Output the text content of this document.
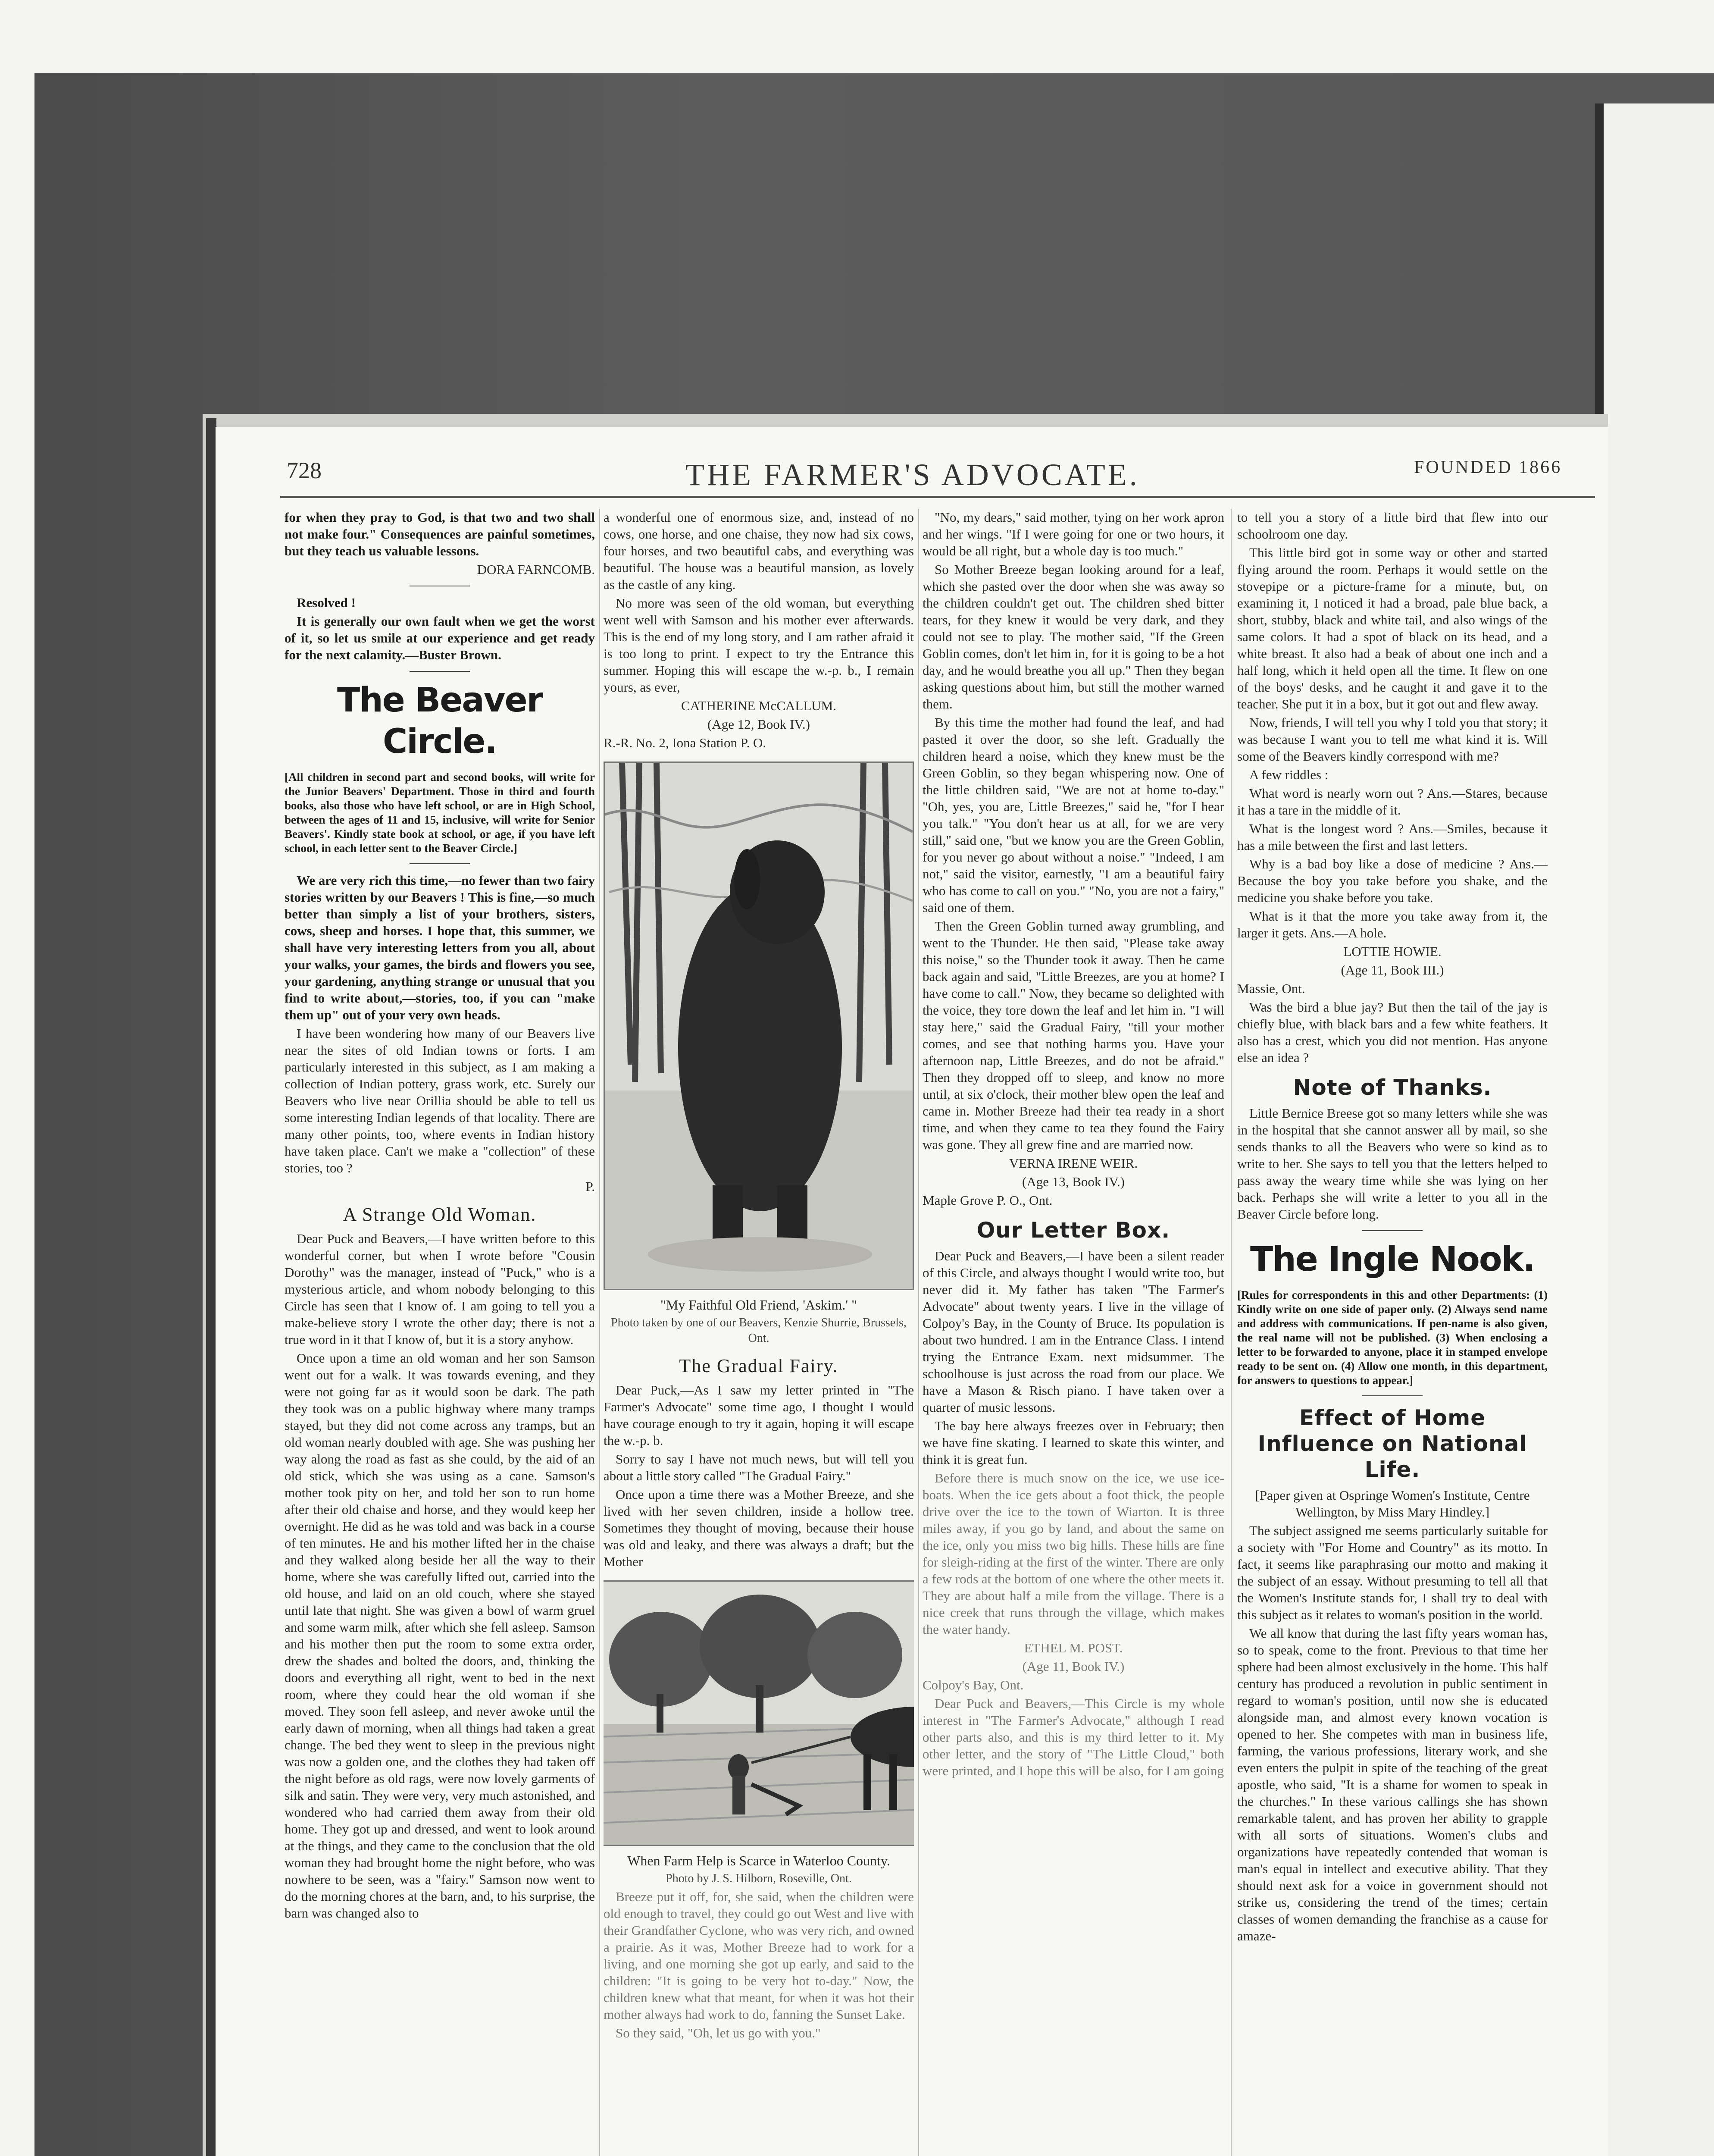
728	THE FARMER'S ADVOCATE.	FOUNDED 1866

for when they pray to God, is that two and two shall not make four." Consequences are painful sometimes, but they teach us valuable lessons.

DORA FARNCOMB.

Resolved !

It is generally our own fault when we get the worst of it, so let us smile at our experience and get ready for the next calamity.—Buster Brown.

The Beaver Circle.

[All children in second part and second books, will write for the Junior Beavers' Department. Those in third and fourth books, also those who have left school, or are in High School, between the ages of 11 and 15, inclusive, will write for Senior Beavers'. Kindly state book at school, or age, if you have left school, in each letter sent to the Beaver Circle.]

We are very rich this time,—no fewer than two fairy stories written by our Beavers ! This is fine,—so much better than simply a list of your brothers, sisters, cows, sheep and horses. I hope that, this summer, we shall have very interesting letters from you all, about your walks, your games, the birds and flowers you see, your gardening, anything strange or unusual that you find to write about,—stories, too, if you can "make them up" out of your very own heads.

I have been wondering how many of our Beavers live near the sites of old Indian towns or forts. I am particularly interested in this subject, as I am making a collection of Indian pottery, grass work, etc. Surely our Beavers who live near Orillia should be able to tell us some interesting Indian legends of that locality. There are many other points, too, where events in Indian history have taken place. Can't we make a "collection" of these stories, too ?

P.

A Strange Old Woman.

Dear Puck and Beavers,—I have written before to this wonderful corner, but when I wrote before "Cousin Dorothy" was the manager, instead of "Puck," who is a mysterious article, and whom nobody belonging to this Circle has seen that I know of. I am going to tell you a make-believe story I wrote the other day; there is not a true word in it that I know of, but it is a story anyhow.

Once upon a time an old woman and her son Samson went out for a walk. It was towards evening, and they were not going far as it would soon be dark. The path they took was on a public highway where many tramps stayed, but they did not come across any tramps, but an old woman nearly doubled with age. She was pushing her way along the road as fast as she could, by the aid of an old stick, which she was using as a cane. Samson's mother took pity on her, and told her son to run home after their old chaise and horse, and they would keep her overnight. He did as he was told and was back in a course of ten minutes. He and his mother lifted her in the chaise and they walked along beside her all the way to their home, where she was carefully lifted out, carried into the old house, and laid on an old couch, where she stayed until late that night. She was given a bowl of warm gruel and some warm milk, after which she fell asleep. Samson and his mother then put the room to some extra order, drew the shades and bolted the doors, and, thinking the doors and everything all right, went to bed in the next room, where they could hear the old woman if she moved. They soon fell asleep, and never awoke until the early dawn of morning, when all things had taken a great change. The bed they went to sleep in the previous night was now a golden one, and the clothes they had taken off the night before as old rags, were now lovely garments of silk and satin. They were very, very much astonished, and wondered who had carried them away from their old home. They got up and dressed, and went to look around at the things, and they came to the conclusion that the old woman they had brought home the night before, who was nowhere to be seen, was a "fairy." Samson now went to do the morning chores at the barn, and, to his surprise, the barn was changed also to

a wonderful one of enormous size, and, instead of no cows, one horse, and one chaise, they now had six cows, four horses, and two beautiful cabs, and everything was beautiful. The house was a beautiful mansion, as lovely as the castle of any king.

No more was seen of the old woman, but everything went well with Samson and his mother ever afterwards. This is the end of my long story, and I am rather afraid it is too long to print. I expect to try the Entrance this summer. Hoping this will escape the w.-p. b., I remain yours, as ever,

CATHERINE McCALLUM.

(Age 12, Book IV.)

R.-R. No. 2, Iona Station P. O.

"My Faithful Old Friend, 'Askim.' "

Photo taken by one of our Beavers, Kenzie Shurrie, Brussels, Ont.

The Gradual Fairy.

Dear Puck,—As I saw my letter printed in "The Farmer's Advocate" some time ago, I thought I would have courage enough to try it again, hoping it will escape the w.-p. b.

Sorry to say I have not much news, but will tell you about a little story called "The Gradual Fairy."

Once upon a time there was a Mother Breeze, and she lived with her seven children, inside a hollow tree. Sometimes they thought of moving, because their house was old and leaky, and there was always a draft; but the Mother

When Farm Help is Scarce in Waterloo County.

Photo by J. S. Hilborn, Roseville, Ont.

Breeze put it off, for, she said, when the children were old enough to travel, they could go out West and live with their Grandfather Cyclone, who was very rich, and owned a prairie. As it was, Mother Breeze had to work for a living, and one morning she got up early, and said to the children: "It is going to be very hot to-day." Now, the children knew what that meant, for when it was hot their mother always had work to do, fanning the Sunset Lake.

So they said, "Oh, let us go with you."

"No, my dears," said mother, tying on her work apron and her wings. "If I were going for one or two hours, it would be all right, but a whole day is too much."

So Mother Breeze began looking around for a leaf, which she pasted over the door when she was away so the children couldn't get out. The children shed bitter tears, for they knew it would be very dark, and they could not see to play. The mother said, "If the Green Goblin comes, don't let him in, for it is going to be a hot day, and he would breathe you all up." Then they began asking questions about him, but still the mother warned them.

By this time the mother had found the leaf, and had pasted it over the door, so she left. Gradually the children heard a noise, which they knew must be the Green Goblin, so they began whispering now. One of the little children said, "We are not at home to-day." "Oh, yes, you are, Little Breezes," said he, "for I hear you talk." "You don't hear us at all, for we are very still," said one, "but we know you are the Green Goblin, for you never go about without a noise." "Indeed, I am not," said the visitor, earnestly, "I am a beautiful fairy who has come to call on you." "No, you are not a fairy," said one of them.

Then the Green Goblin turned away grumbling, and went to the Thunder. He then said, "Please take away this noise," so the Thunder took it away. Then he came back again and said, "Little Breezes, are you at home? I have come to call." Now, they became so delighted with the voice, they tore down the leaf and let him in. "I will stay here," said the Gradual Fairy, "till your mother comes, and see that nothing harms you. Have your afternoon nap, Little Breezes, and do not be afraid." Then they dropped off to sleep, and know no more until, at six o'clock, their mother blew open the leaf and came in. Mother Breeze had their tea ready in a short time, and when they came to tea they found the Fairy was gone. They all grew fine and are married now.

VERNA IRENE WEIR.

(Age 13, Book IV.)

Maple Grove P. O., Ont.

Our Letter Box.

Dear Puck and Beavers,—I have been a silent reader of this Circle, and always thought I would write too, but never did it. My father has taken "The Farmer's Advocate" about twenty years. I live in the village of Colpoy's Bay, in the County of Bruce. Its population is about two hundred. I am in the Entrance Class. I intend trying the Entrance Exam. next midsummer. The schoolhouse is just across the road from our place. We have a Mason & Risch piano. I have taken over a quarter of music lessons.

The bay here always freezes over in February; then we have fine skating. I learned to skate this winter, and think it is great fun.

Before there is much snow on the ice, we use ice-boats. When the ice gets about a foot thick, the people drive over the ice to the town of Wiarton. It is three miles away, if you go by land, and about the same on the ice, only you miss two big hills. These hills are fine for sleigh-riding at the first of the winter. There are only a few rods at the bottom of one where the other meets it. They are about half a mile from the village. There is a nice creek that runs through the village, which makes the water handy.

ETHEL M. POST.

(Age 11, Book IV.)

Colpoy's Bay, Ont.

Dear Puck and Beavers,—This Circle is my whole interest in "The Farmer's Advocate," although I read other parts also, and this is my third letter to it. My other letter, and the story of "The Little Cloud," both were printed, and I hope this will be also, for I am going

to tell you a story of a little bird that flew into our schoolroom one day.

This little bird got in some way or other and started flying around the room. Perhaps it would settle on the stovepipe or a picture-frame for a minute, but, on examining it, I noticed it had a broad, pale blue back, a short, stubby, black and white tail, and also wings of the same colors. It had a spot of black on its head, and a white breast. It also had a beak of about one inch and a half long, which it held open all the time. It flew on one of the boys' desks, and he caught it and gave it to the teacher. She put it in a box, but it got out and flew away.

Now, friends, I will tell you why I told you that story; it was because I want you to tell me what kind it is. Will some of the Beavers kindly correspond with me?

A few riddles :

What word is nearly worn out ? Ans.—Stares, because it has a tare in the middle of it.

What is the longest word ? Ans.—Smiles, because it has a mile between the first and last letters.

Why is a bad boy like a dose of medicine ? Ans.—Because the boy you take before you shake, and the medicine you shake before you take.

What is it that the more you take away from it, the larger it gets. Ans.—A hole.

LOTTIE HOWIE.

(Age 11, Book III.)

Massie, Ont.

Was the bird a blue jay? But then the tail of the jay is chiefly blue, with black bars and a few white feathers. It also has a crest, which you did not mention. Has anyone else an idea ?

Note of Thanks.

Little Bernice Breese got so many letters while she was in the hospital that she cannot answer all by mail, so she sends thanks to all the Beavers who were so kind as to write to her. She says to tell you that the letters helped to pass away the weary time while she was lying on her back. Perhaps she will write a letter to you all in the Beaver Circle before long.

The Ingle Nook.

[Rules for correspondents in this and other Departments: (1) Kindly write on one side of paper only. (2) Always send name and address with communications. If pen-name is also given, the real name will not be published. (3) When enclosing a letter to be forwarded to anyone, place it in stamped envelope ready to be sent on. (4) Allow one month, in this department, for answers to questions to appear.]

Effect of Home Influence on National Life.

[Paper given at Ospringe Women's Institute, Centre Wellington, by Miss Mary Hindley.]

The subject assigned me seems particularly suitable for a society with "For Home and Country" as its motto. In fact, it seems like paraphrasing our motto and making it the subject of an essay. Without presuming to tell all that the Women's Institute stands for, I shall try to deal with this subject as it relates to woman's position in the world.

We all know that during the last fifty years woman has, so to speak, come to the front. Previous to that time her sphere had been almost exclusively in the home. This half century has produced a revolution in public sentiment in regard to woman's position, until now she is educated alongside man, and almost every known vocation is opened to her. She competes with man in business life, farming, the various professions, literary work, and she even enters the pulpit in spite of the teaching of the great apostle, who said, "It is a shame for women to speak in the churches." In these various callings she has shown remarkable talent, and has proven her ability to grapple with all sorts of situations. Women's clubs and organizations have repeatedly contended that woman is man's equal in intellect and executive ability. That they should next ask for a voice in government should not strike us, considering the trend of the times; certain classes of women demanding the franchise as a cause for amaze-
